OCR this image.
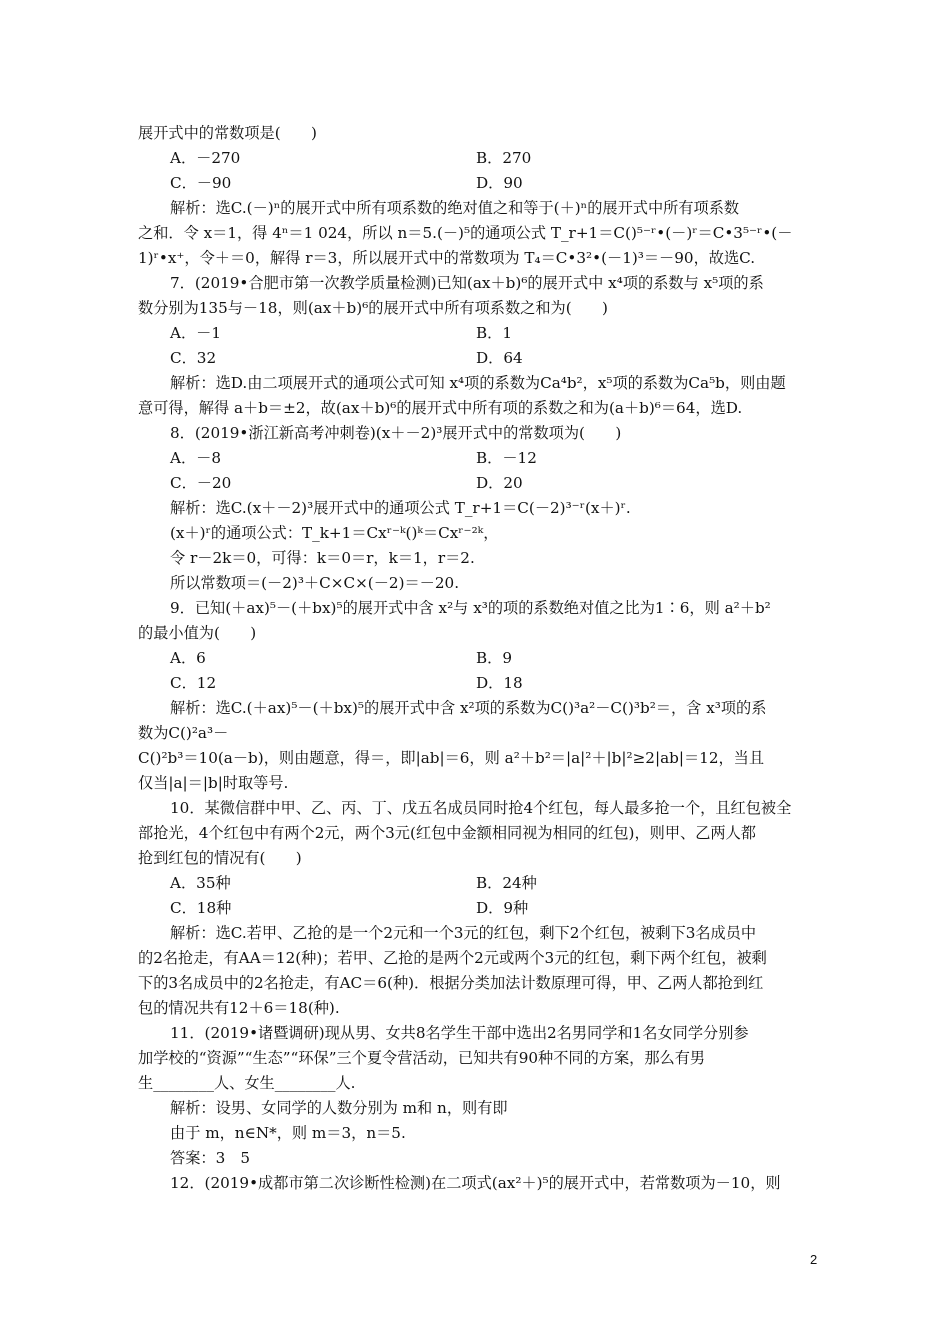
展开式中的常数项是(　　)
A．－270	B．270
C．－90	D．90
解析：选C.(－)ⁿ的展开式中所有项系数的绝对值之和等于(＋)ⁿ的展开式中所有项系数
之和．令 x＝1，得 4ⁿ＝1 024，所以 n＝5.(－)⁵的通项公式 T_r+1＝C()⁵⁻ʳ•(－)ʳ＝C•3⁵⁻ʳ•(－
1)ʳ•x⁺，令＋＝0，解得 r＝3，所以展开式中的常数项为 T₄＝C•3²•(－1)³＝－90，故选C.
7．(2019•合肥市第一次教学质量检测)已知(ax＋b)⁶的展开式中 x⁴项的系数与 x⁵项的系
数分别为135与－18，则(ax＋b)⁶的展开式中所有项系数之和为(　　)
A．－1	B．1
C．32	D．64
解析：选D.由二项展开式的通项公式可知 x⁴项的系数为Ca⁴b²，x⁵项的系数为Ca⁵b，则由题
意可得，解得 a＋b＝±2，故(ax＋b)⁶的展开式中所有项的系数之和为(a＋b)⁶＝64，选D.
8．(2019•浙江新高考冲刺卷)(x＋－2)³展开式中的常数项为(　　)
A．－8	B．－12
C．－20	D．20
解析：选C.(x＋－2)³展开式中的通项公式 T_r+1＝C(－2)³⁻ʳ(x＋)ʳ.
(x＋)ʳ的通项公式：T_k+1＝Cxʳ⁻ᵏ()ᵏ＝Cxʳ⁻²ᵏ，
令 r－2k＝0，可得：k＝0＝r，k＝1，r＝2.
所以常数项＝(－2)³＋C×C×(－2)＝－20.
9．已知(＋ax)⁵－(＋bx)⁵的展开式中含 x²与 x³的项的系数绝对值之比为1∶6，则 a²＋b²
的最小值为(　　)
A．6	B．9
C．12	D．18
解析：选C.(＋ax)⁵－(＋bx)⁵的展开式中含 x²项的系数为C()³a²－C()³b²＝，含 x³项的系
数为C()²a³－
C()²b³＝10(a－b)，则由题意，得＝，即|ab|＝6，则 a²＋b²＝|a|²＋|b|²≥2|ab|＝12，当且
仅当|a|＝|b|时取等号.
10．某微信群中甲、乙、丙、丁、戊五名成员同时抢4个红包，每人最多抢一个，且红包被全
部抢光，4个红包中有两个2元，两个3元(红包中金额相同视为相同的红包)，则甲、乙两人都
抢到红包的情况有(　　)
A．35种	B．24种
C．18种	D．9种
解析：选C.若甲、乙抢的是一个2元和一个3元的红包，剩下2个红包，被剩下3名成员中
的2名抢走，有AA＝12(种)；若甲、乙抢的是两个2元或两个3元的红包，剩下两个红包，被剩
下的3名成员中的2名抢走，有AC＝6(种)．根据分类加法计数原理可得，甲、乙两人都抢到红
包的情况共有12＋6＝18(种).
11．(2019•诸暨调研)现从男、女共8名学生干部中选出2名男同学和1名女同学分别参
加学校的“资源”“生态”“环保”三个夏令营活动，已知共有90种不同的方案，那么有男
生________人、女生________人.
解析：设男、女同学的人数分别为 m和 n，则有即
由于 m，n∈N*，则 m＝3，n＝5.
答案：3　5
12．(2019•成都市第二次诊断性检测)在二项式(ax²＋)⁵的展开式中，若常数项为－10，则
2
